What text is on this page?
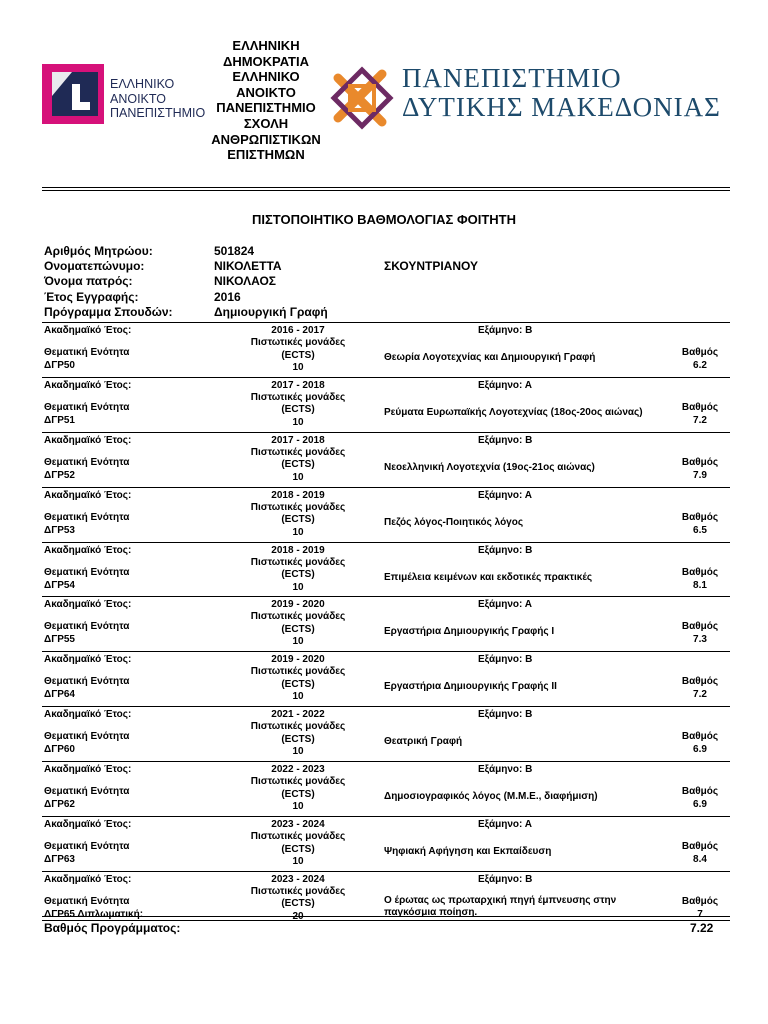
ΕΛΛΗΝΙΚΟ
ΑΝΟΙΚΤΟ
ΠΑΝΕΠΙΣΤΗΜΙΟ
ΕΛΛΗΝΙΚΗ
ΔΗΜΟΚΡΑΤΙΑ
ΕΛΛΗΝΙΚΟ
ΑΝΟΙΚΤΟ
ΠΑΝΕΠΙΣΤΗΜΙΟ
ΣΧΟΛΗ
ΑΝΘΡΩΠΙΣΤΙΚΩΝ
ΕΠΙΣΤΗΜΩΝ
ΠΑΝΕΠΙΣΤΗΜΙΟ
ΔΥΤΙΚΗΣ ΜΑΚΕΔΟΝΙΑΣ
ΠΙΣΤΟΠΟΙΗΤΙΚΟ ΒΑΘΜΟΛΟΓΙΑΣ ΦΟΙΤΗΤΗ
Αριθμός Μητρώου:	501824
Ονοματεπώνυμο:	ΝΙΚΟΛΕΤΤΑ	ΣΚΟΥΝΤΡΙΑΝΟΥ
Όνομα πατρός:	ΝΙΚΟΛΑΟΣ
Έτος Εγγραφής:	2016
Πρόγραμμα Σπουδών:	Δημιουργική Γραφή
Ακαδημαϊκό Έτος:	2016 - 2017	Εξάμηνο: Β
Θεματική Ενότητα
ΔΓΡ50
Πιστωτικές μονάδες
(ECTS)
10
Θεωρία Λογοτεχνίας και Δημιουργική Γραφή	Βαθμός
6.2
Ακαδημαϊκό Έτος:	2017 - 2018	Εξάμηνο: Α
Θεματική Ενότητα
ΔΓΡ51
Πιστωτικές μονάδες
(ECTS)
10
Ρεύματα Ευρωπαϊκής Λογοτεχνίας (18ος-20ος αιώνας)	Βαθμός
7.2
Ακαδημαϊκό Έτος:	2017 - 2018	Εξάμηνο: Β
Θεματική Ενότητα
ΔΓΡ52
Πιστωτικές μονάδες
(ECTS)
10
Νεοελληνική Λογοτεχνία (19ος-21ος αιώνας)	Βαθμός
7.9
Ακαδημαϊκό Έτος:	2018 - 2019	Εξάμηνο: Α
Θεματική Ενότητα
ΔΓΡ53
Πιστωτικές μονάδες
(ECTS)
10
Πεζός λόγος-Ποιητικός λόγος	Βαθμός
6.5
Ακαδημαϊκό Έτος:	2018 - 2019	Εξάμηνο: Β
Θεματική Ενότητα
ΔΓΡ54
Πιστωτικές μονάδες
(ECTS)
10
Επιμέλεια κειμένων και εκδοτικές πρακτικές	Βαθμός
8.1
Ακαδημαϊκό Έτος:	2019 - 2020	Εξάμηνο: Α
Θεματική Ενότητα
ΔΓΡ55
Πιστωτικές μονάδες
(ECTS)
10
Εργαστήρια Δημιουργικής Γραφής Ι	Βαθμός
7.3
Ακαδημαϊκό Έτος:	2019 - 2020	Εξάμηνο: Β
Θεματική Ενότητα
ΔΓΡ64
Πιστωτικές μονάδες
(ECTS)
10
Εργαστήρια Δημιουργικής Γραφής ΙΙ	Βαθμός
7.2
Ακαδημαϊκό Έτος:	2021 - 2022	Εξάμηνο: Β
Θεματική Ενότητα
ΔΓΡ60
Πιστωτικές μονάδες
(ECTS)
10
Θεατρική Γραφή	Βαθμός
6.9
Ακαδημαϊκό Έτος:	2022 - 2023	Εξάμηνο: Β
Θεματική Ενότητα
ΔΓΡ62
Πιστωτικές μονάδες
(ECTS)
10
Δημοσιογραφικός λόγος (Μ.Μ.Ε., διαφήμιση)	Βαθμός
6.9
Ακαδημαϊκό Έτος:	2023 - 2024	Εξάμηνο: Α
Θεματική Ενότητα
ΔΓΡ63
Πιστωτικές μονάδες
(ECTS)
10
Ψηφιακή Αφήγηση και Εκπαίδευση	Βαθμός
8.4
Ακαδημαϊκό Έτος:	2023 - 2024	Εξάμηνο: Β
Θεματική Ενότητα
ΔΓΡ65 Διπλωματική:
Πιστωτικές μονάδες
(ECTS)
20
Ο έρωτας ως πρωταρχική πηγή έμπνευσης στην
παγκόσμια ποίηση.
Βαθμός
7
Βαθμός Προγράμματος:	7.22
